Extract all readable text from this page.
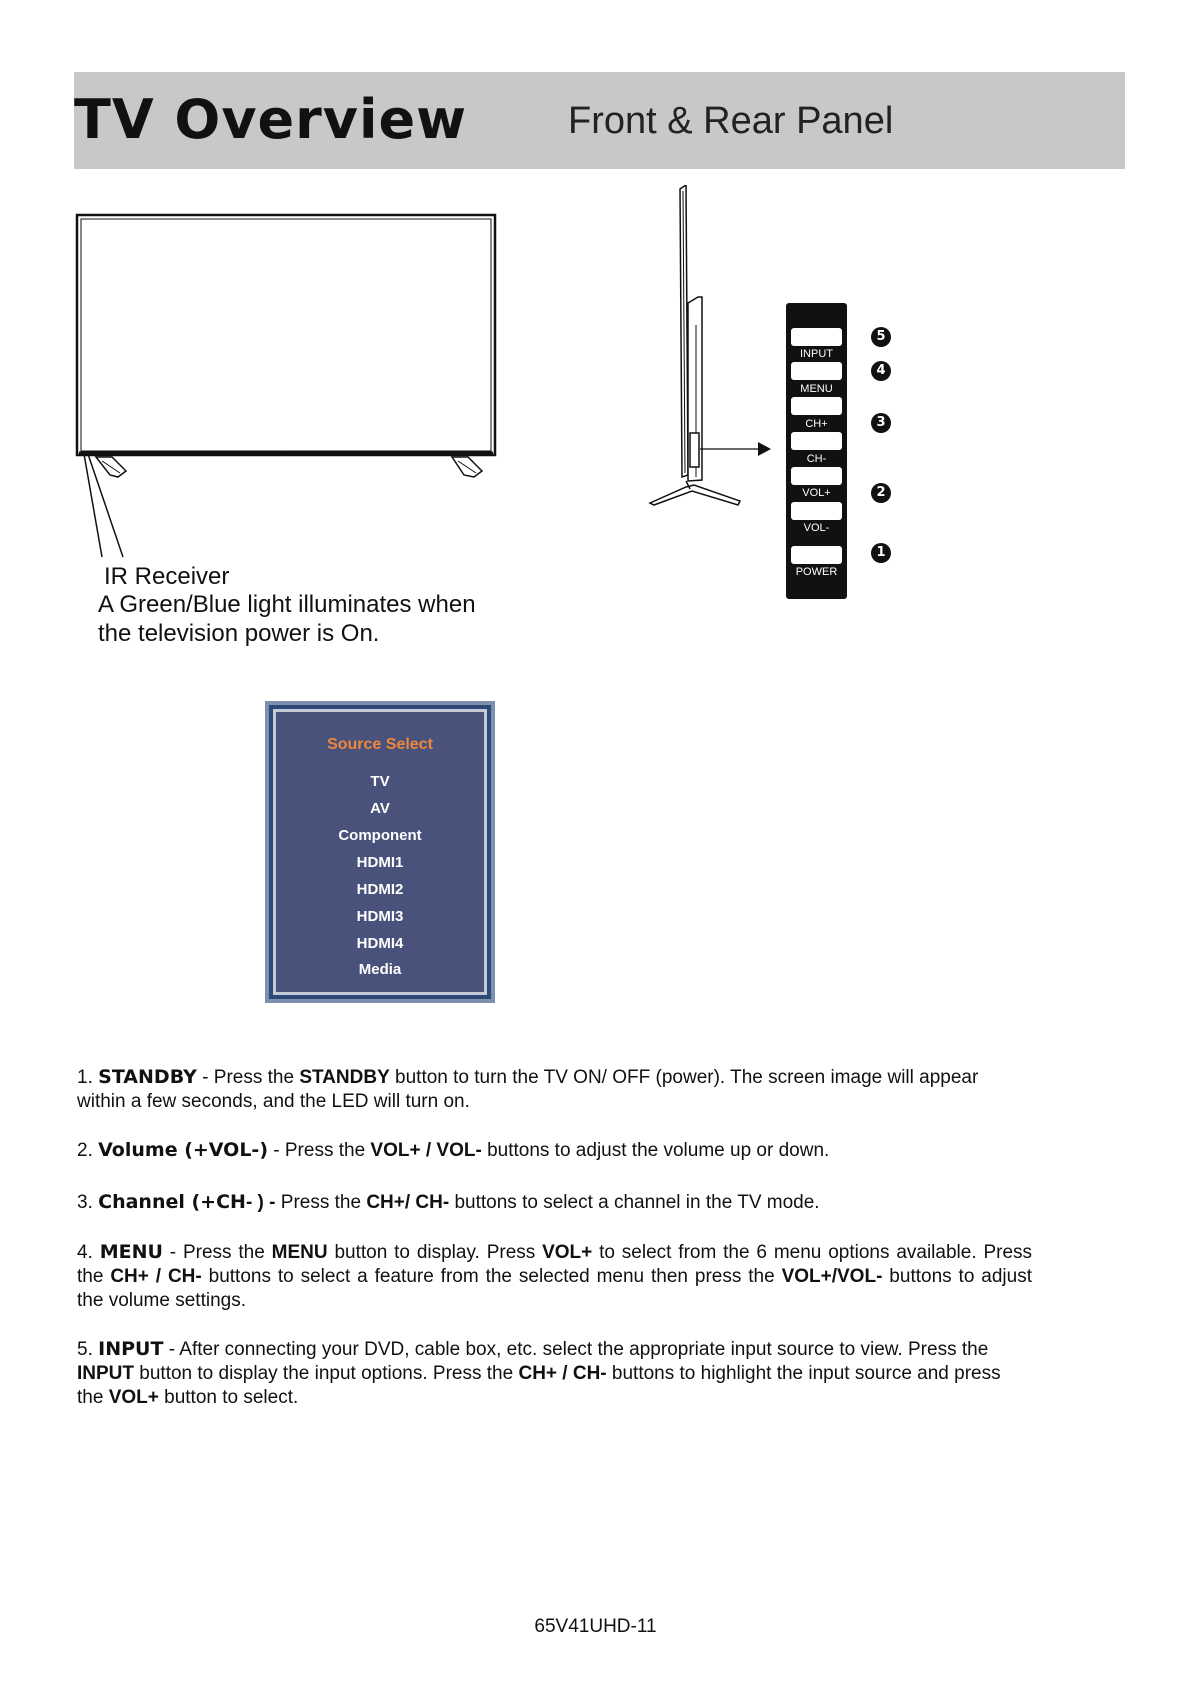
TV Overview	Front & Rear Panel
IR Receiver
A Green/Blue light illuminates when
the television power is On.
INPUT
MENU
CH+
CH-
VOL+
VOL-
POWER
5
4
3
2
1
Source Select
TV
AV
Component
HDMI1
HDMI2
HDMI3
HDMI4
Media
1. STANDBY - Press the STANDBY button to turn the TV ON/ OFF (power). The screen image will appear within a few seconds, and the LED will turn on.
2. Volume (+VOL-) - Press the VOL+ / VOL- buttons to adjust the volume up or down.
3. Channel (+CH- ) - Press the CH+/ CH- buttons to select a channel in the TV mode.
4. MENU - Press the MENU button to display. Press VOL+ to select from the 6 menu options available. Press the CH+ / CH- buttons to select a feature from the selected menu then press the VOL+/VOL- buttons to adjust the volume settings.
5. INPUT - After connecting your DVD, cable box, etc. select the appropriate input source to view. Press the INPUT button to display the input options. Press the CH+ / CH- buttons to highlight the input source and press the VOL+ button to select.
65V41UHD-11
